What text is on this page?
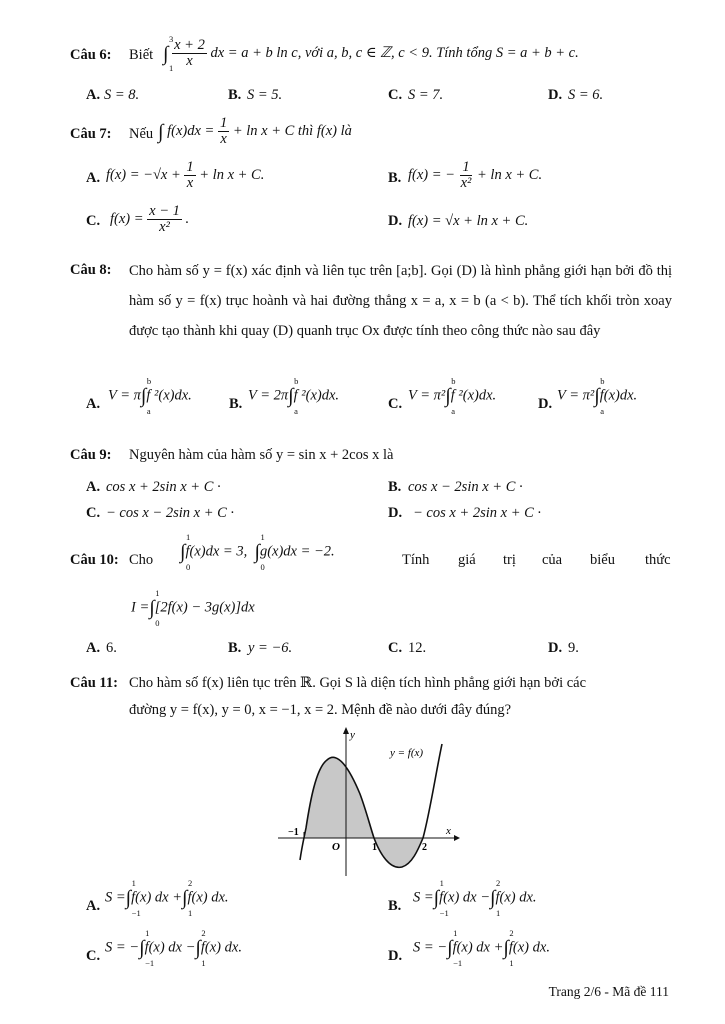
Câu 6: Biết ∫
3
1

$\frac{x + 2}{x}$ dx = a + b ln c, với a, b, c ∈ ℤ, c < 9. Tính tổng S = a + b + c.
A. S = 8.	B. S = 5.	C. S = 7.	D. S = 6.
Câu 7: Nếu ∫ $f(x)dx = \frac{1}{x} + \ln x + C$ thì f(x) là
A. $f(x) = -√x + \frac{1}{x} + \ln x + C$.	B. f(x) = − $\frac{1}{\text{x²}} + \ln x + C$.
C. $f(x) = \frac{x - 1}{\text{x²}}$ .	D. f(x) = √x + ln x + C.
Câu 8: Cho hàm số y = f(x) xác định và liên tục trên [a;b]. Gọi (D) là hình phẳng giới hạn bởi đồ thị hàm số y = f(x) trục hoành và hai đường thẳng x = a, x = b (a < b). Thể tích khối tròn xoay được tạo thành khi quay (D) quanh trục Ox được tính theo công thức nào sau đây
A.
V = π∫
b
a
f ²(x)dx.
B.
V = 2π∫
b
a
f ²(x)dx.
C.
V = π²∫
b
a
f ²(x)dx.
D.
V = π²∫
b
a
f(x)dx.
Câu 9: Nguyên hàm của hàm số y = sin x + 2cos x là
A. cos x + 2sin x + C ·	B. cos x − 2sin x + C ·
C. − cos x − 2sin x + C ·	D. − cos x + 2sin x + C ·
Câu 10: Cho ∫
1
0
f(x)dx = 3, ∫
1
0
g(x)dx = −2.
Tính giá trị của biểu thức
I =∫
1
0
[2f(x) − 3g(x)]dx
A. 6.	B. y = −6.	C. 12.	D. 9.
Câu 11: Cho hàm số f(x) liên tục trên ℝ. Gọi S là diện tích hình phẳng giới hạn bởi các
đường y = f(x), y = 0, x = −1, x = 2. Mệnh đề nào dưới đây đúng?
y = f(x)
y
x
O
−1
1	2
A.
S =∫
1
−1
f(x) dx +∫
2
1
f(x) dx.
B.
S =∫
1
−1
f(x) dx −∫
2
1
f(x) dx.
C.
S = −∫
1
−1
f(x) dx −∫
2
1
f(x) dx.
D.
S = −∫
1
−1
f(x) dx +∫
2
1
f(x) dx.
Trang 2/6 - Mã đề 111
